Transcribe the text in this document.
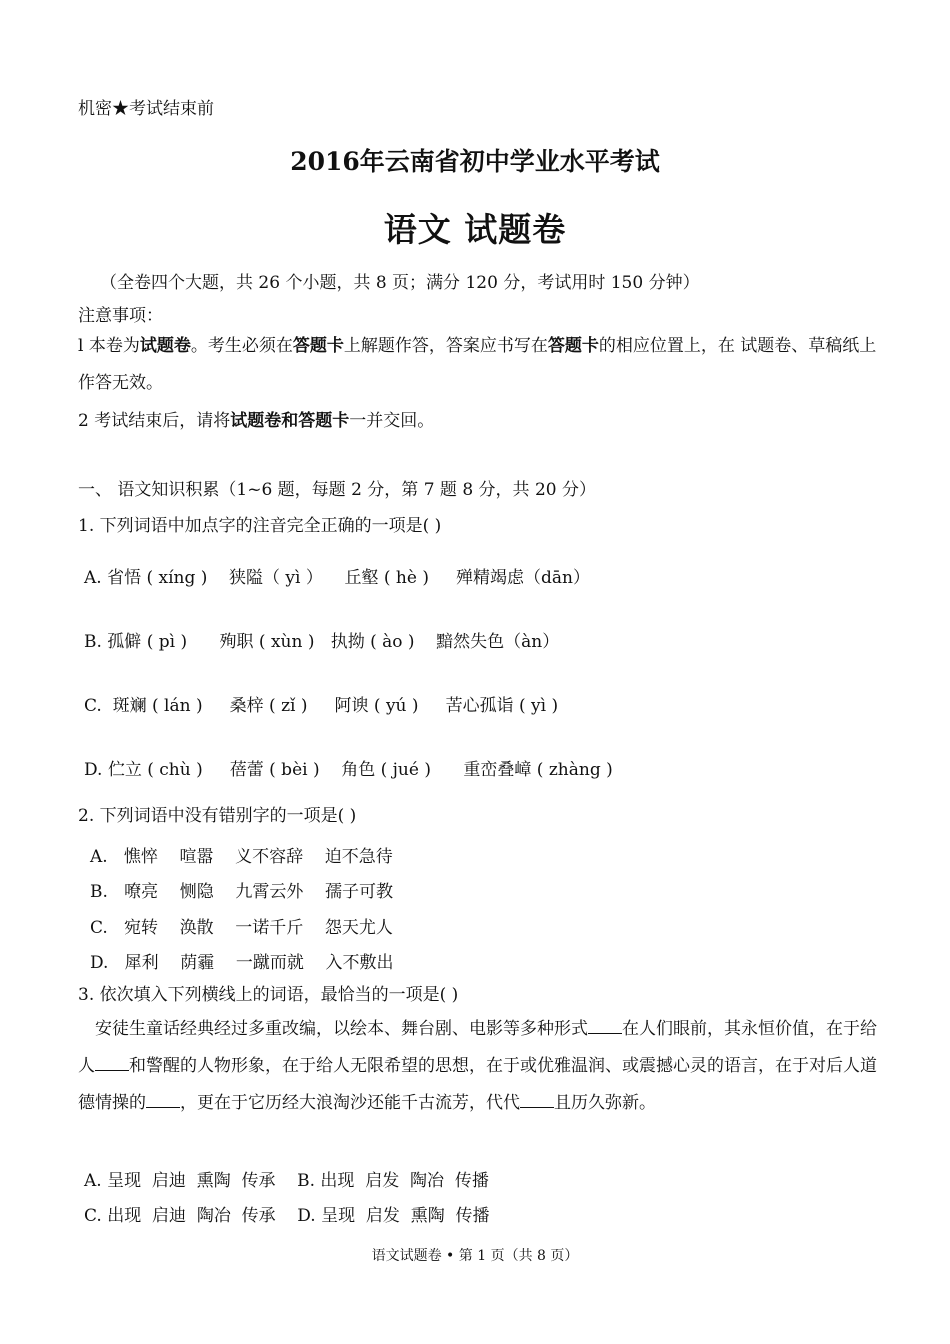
机密★考试结束前
2016年云南省初中学业水平考试
语文 试题卷
（全卷四个大题，共 26 个小题，共 8 页；满分 120 分，考试用时 150 分钟）
注意事项：
l 本卷为试题卷。考生必须在答题卡上解题作答，答案应书写在答题卡的相应位置上，在 试题卷、草稿纸上作答无效。
2 考试结束后，请将试题卷和答题卡一并交回。
一、 语文知识积累（1~6 题，每题 2 分，第 7 题 8 分，共 20 分）
1. 下列词语中加点字的注音完全正确的一项是( )
A. 省悟 ( xíng )    狭隘（ yì ）    丘壑 ( hè )     殚精竭虑（dān）
B. 孤僻 ( pì )      殉职 ( xùn )   执拗 ( ào )    黯然失色（àn）
C.  斑斓 ( lán )     桑梓 ( zǐ )     阿谀 ( yú )     苦心孤诣 ( yì )
D. 伫立 ( chù )     蓓蕾 ( bèi )    角色 ( jué )      重峦叠嶂 ( zhàng )
2. 下列词语中没有错别字的一项是( )
A.   憔悴    喧嚣    义不容辞    迫不急待
B.   嘹亮    恻隐    九霄云外    孺子可教
C.   宛转    涣散    一诺千斤    怨天尤人
D.   犀利    荫霾    一蹴而就    入不敷出
3. 依次填入下列横线上的词语，最恰当的一项是( )
安徒生童话经典经过多重改编，以绘本、舞台剧、电影等多种形式 在人们眼前，其永恒价值，在于给人 和警醒的人物形象，在于给人无限希望的思想，在于或优雅温润、或震撼心灵的语言，在于对后人道德情操的 ，更在于它历经大浪淘沙还能千古流芳，代代 且历久弥新。
A. 呈现  启迪  熏陶  传承    B. 出现  启发  陶冶  传播
C. 出现  启迪  陶冶  传承    D. 呈现  启发  熏陶  传播
语文试题卷 • 第 1 页（共 8 页）
